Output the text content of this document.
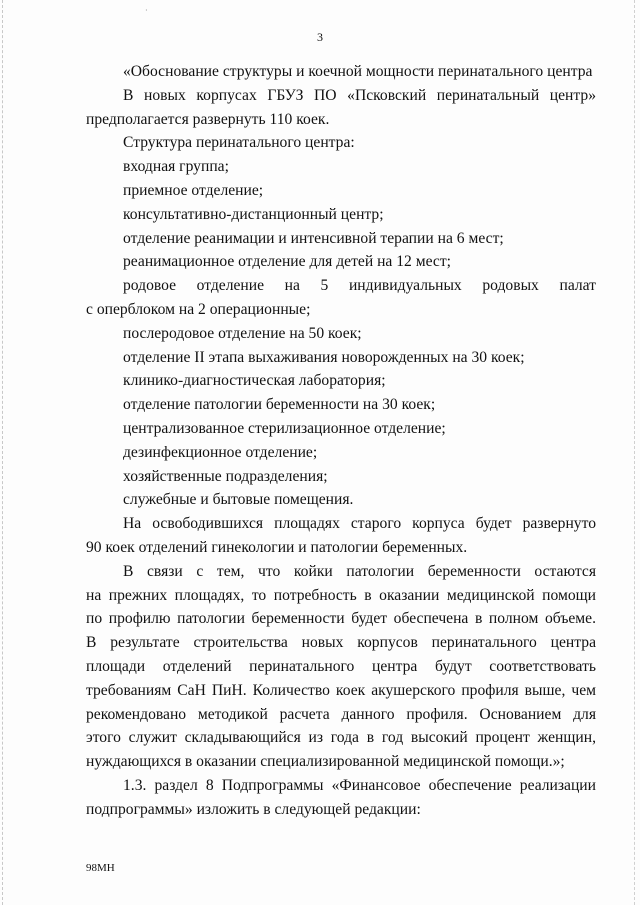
·
3

«Обоснование структуры и коечной мощности перинатального центра

В новых корпусах ГБУЗ ПО «Псковский перинатальный центр»

предполагается развернуть 110 коек.

Структура перинатального центра:

входная группа;

приемное отделение;

консультативно-дистанционный центр;

отделение реанимации и интенсивной терапии на 6 мест;

реанимационное отделение для детей на 12 мест;

родовое отделение на 5 индивидуальных родовых палат

с оперблоком на 2 операционные;

послеродовое отделение на 50 коек;

отделение II этапа выхаживания новорожденных на 30 коек;

клинико-диагностическая лаборатория;

отделение патологии беременности на 30 коек;

централизованное стерилизационное отделение;

дезинфекционное отделение;

хозяйственные подразделения;

служебные и бытовые помещения.

На освободившихся площадях старого корпуса будет развернуто

90 коек отделений гинекологии и патологии беременных.

В связи с тем, что койки патологии беременности остаются

на прежних площадях, то потребность в оказании медицинской помощи

по профилю патологии беременности будет обеспечена в полном объеме.

В результате строительства новых корпусов перинатального центра

площади отделений перинатального центра будут соответствовать

требованиям СаН ПиН. Количество коек акушерского профиля выше, чем

рекомендовано методикой расчета данного профиля. Основанием для

этого служит складывающийся из года в год высокий процент женщин,

нуждающихся в оказании специализированной медицинской помощи.»;

1.3. раздел 8 Подпрограммы «Финансовое обеспечение реализации

подпрограммы» изложить в следующей редакции:

98МН
